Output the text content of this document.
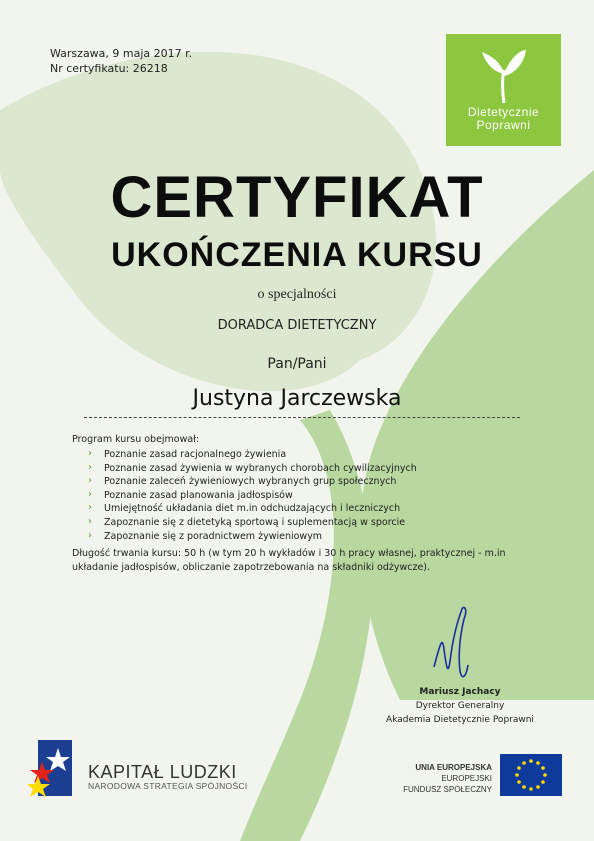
Warszawa, 9 maja 2017 r.
Nr certyfikatu: 26218
Dietetycznie
Poprawni
CERTYFIKAT
UKOŃCZENIA KURSU
o specjalności
DORADCA DIETETYCZNY
Pan/Pani
Justyna Jarczewska
Program kursu obejmował:
› Poznanie zasad racjonalnego żywienia
› Poznanie zasad żywienia w wybranych chorobach cywilizacyjnych
› Poznanie zaleceń żywieniowych wybranych grup społecznych
› Poznanie zasad planowania jadłospisów
› Umiejętność układania diet m.in odchudzających i leczniczych
› Zapoznanie się z dietetyką sportową i suplementacją w sporcie
› Zapoznanie się z poradnictwem żywieniowym
Długość trwania kursu: 50 h (w tym 20 h wykładów i 30 h pracy własnej, praktycznej - m.in układanie jadłospisów, obliczanie zapotrzebowania na składniki odżywcze).
Mariusz Jachacy
Dyrektor Generalny
Akademia Dietetycznie Poprawni
KAPITAŁ LUDZKI
NARODOWA STRATEGIA SPÓJNOŚCI
UNIA EUROPEJSKA
EUROPEJSKI
FUNDUSZ SPOŁECZNY
